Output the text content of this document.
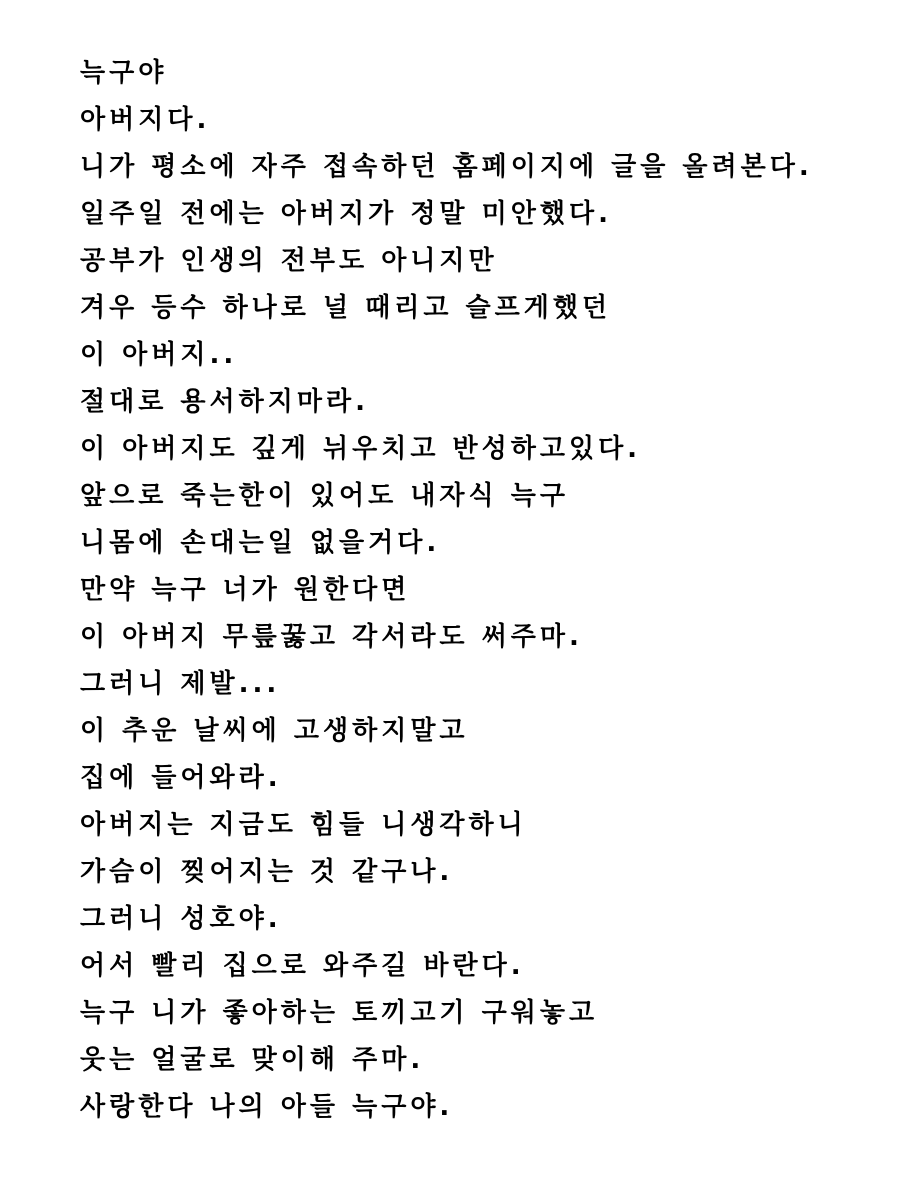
늑구야
아버지다.
니가 평소에 자주 접속하던 홈페이지에 글을 올려본다.
일주일 전에는 아버지가 정말 미안했다.
공부가 인생의 전부도 아니지만
겨우 등수 하나로 널 때리고 슬프게했던
이 아버지..
절대로 용서하지마라.
이 아버지도 깊게 뉘우치고 반성하고있다.
앞으로 죽는한이 있어도 내자식 늑구
니몸에 손대는일 없을거다.
만약 늑구 너가 원한다면
이 아버지 무릎꿇고 각서라도 써주마.
그러니 제발...
이 추운 날씨에 고생하지말고
집에 들어와라.
아버지는 지금도 힘들 니생각하니
가슴이 찢어지는 것 같구나.
그러니 성호야.
어서 빨리 집으로 와주길 바란다.
늑구 니가 좋아하는 토끼고기 구워놓고
웃는 얼굴로 맞이해 주마.
사랑한다 나의 아들 늑구야.
